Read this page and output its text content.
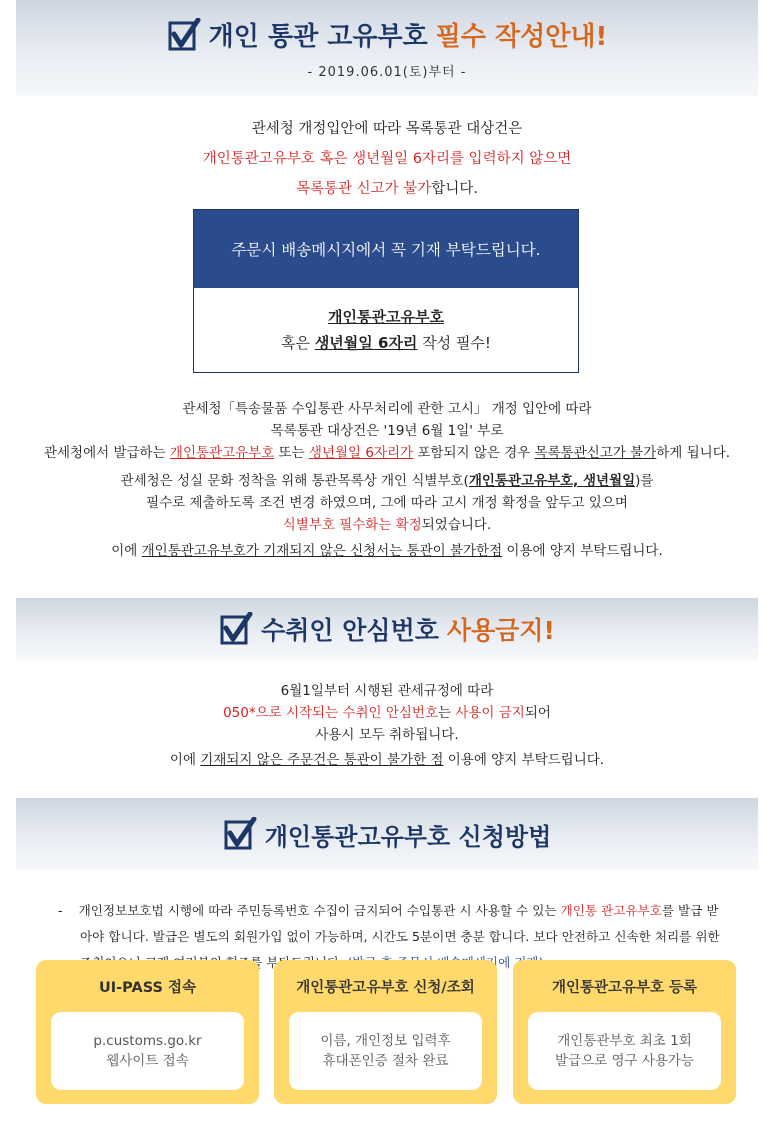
개인 통관 고유부호 필수 작성안내!
- 2019.06.01(토)부터 -
관세청 개정입안에 따라 목록통관 대상건은
개인통관고유부호 혹은 생년월일 6자리를 입력하지 않으면
목록통관 신고가 불가합니다.
주문시 배송메시지에서 꼭 기재 부탁드립니다.
개인통관고유부호
혹은 생년월일 6자리 작성 필수!
관세청「특송물품 수입통관 사무처리에 관한 고시」 개정 입안에 따라
목록통관 대상건은 '19년 6월 1일' 부로
관세청에서 발급하는 개인통관고유부호 또는 생년월일 6자리가 포함되지 않은 경우 목록통관신고가 불가하게 됩니다.
관세청은 성실 문화 정착을 위해 통관목록상 개인 식별부호(개인통관고유부호, 생년월일)를
필수로 제출하도록 조건 변경 하였으며, 그에 따라 고시 개정 확정을 앞두고 있으며
식별부호 필수화는 확정되었습니다.
이에 개인통관고유부호가 기재되지 않은 신청서는 통관이 불가한점 이용에 양지 부탁드립니다.
수취인 안심번호 사용금지!
6월1일부터 시행된 관세규정에 따라
050*으로 시작되는 수취인 안심번호는 사용이 금지되어
사용시 모두 취하됩니다.
이에 기재되지 않은 주문건은 통관이 불가한 점 이용에 양지 부탁드립니다.
개인통관고유부호 신청방법
- 개인정보보호법 시행에 따라 주민등록번호 수집이 금지되어 수입통관 시 사용할 수 있는 개인통 관고유부호를 발급 받아야 합니다. 발급은 별도의 회원가입 없이 가능하며, 시간도 5분이면 충분 합니다. 보다 안전하고 신속한 처리를 위한
UI-PASS 접속
p.customs.go.kr
웹사이트 접속
개인통관고유부호 신청/조회
이름, 개인정보 입력후
휴대폰인증 절차 완료
개인통관고유부호 등록
개인통관부호 최초 1회
발급으로 영구 사용가능
